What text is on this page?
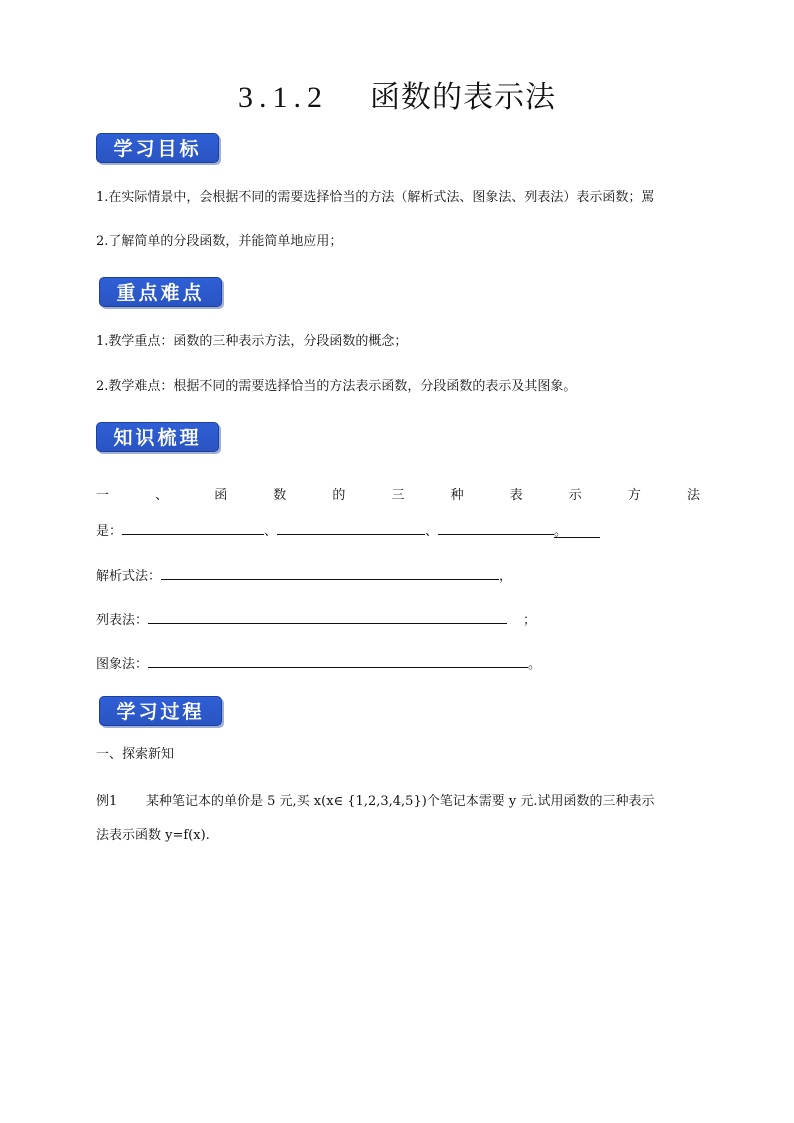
3.1.2 函数的表示法
学习目标
1.在实际情景中，会根据不同的需要选择恰当的方法（解析式法、图象法、列表法）表示函数；罵
2.了解简单的分段函数，并能简单地应用；
重点难点
1.教学重点：函数的三种表示方法，分段函数的概念；
2.教学难点：根据不同的需要选择恰当的方法表示函数，分段函数的表示及其图象。
知识梳理
一	、	函	数	的	三	种	表	示	方	法
是：	、	、	。
解析式法：	，
列表法：	；
图象法：	。
学习过程
一、探索新知
例1 某种笔记本的单价是 5 元,买 x(x∈ {1,2,3,4,5})个笔记本需要 y 元.试用函数的三种表示
法表示函数 y=f(x).
